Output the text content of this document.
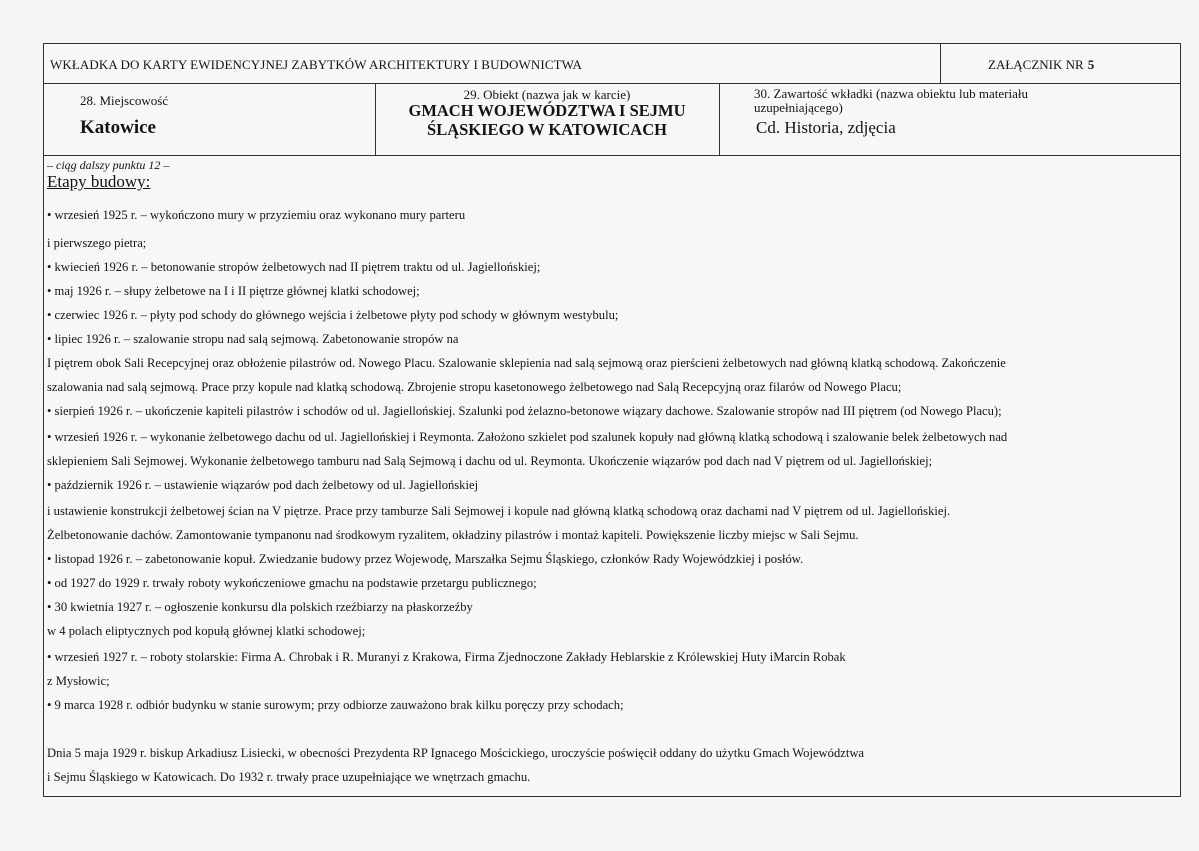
WKŁADKA DO KARTY EWIDENCYJNEJ ZABYTKÓW ARCHITEKTURY I BUDOWNICTWA	ZAŁĄCZNIK NR 5
28. Miejscowość
Katowice
29. Obiekt (nazwa jak w karcie)
GMACH WOJEWÓDZTWA I SEJMU
ŚLĄSKIEGO W KATOWICACH
30. Zawartość wkładki (nazwa obiektu lub materiału uzupełniającego)
Cd. Historia, zdjęcia
– ciąg dalszy punktu 12 –
Etapy budowy:
• wrzesień 1925 r. – wykończono mury w przyziemiu oraz wykonano mury parteru
i pierwszego pietra;
• kwiecień 1926 r. – betonowanie stropów żelbetowych nad II piętrem traktu od ul. Jagiellońskiej;
• maj 1926 r. – słupy żelbetowe na I i II piętrze głównej klatki schodowej;
• czerwiec 1926 r. – płyty pod schody do głównego wejścia i żelbetowe płyty pod schody w głównym westybulu;
• lipiec 1926 r. – szalowanie stropu nad salą sejmową. Zabetonowanie stropów na
I piętrem obok Sali Recepcyjnej oraz obłożenie pilastrów od. Nowego Placu. Szalowanie sklepienia nad salą sejmową oraz pierścieni żelbetowych nad główną klatką schodową. Zakończenie
szalowania nad salą sejmową. Prace przy kopule nad klatką schodową. Zbrojenie stropu kasetonowego żelbetowego nad Salą Recepcyjną oraz filarów od Nowego Placu;
• sierpień 1926 r. – ukończenie kapiteli pilastrów i schodów od ul. Jagiellońskiej. Szalunki pod żelazno-betonowe wiązary dachowe. Szalowanie stropów nad III piętrem (od Nowego Placu);
• wrzesień 1926 r. – wykonanie żelbetowego dachu od ul. Jagiellońskiej i Reymonta. Założono szkielet pod szalunek kopuły nad główną klatką schodową i szalowanie belek żelbetowych nad
sklepieniem Sali Sejmowej. Wykonanie żelbetowego tamburu nad Salą Sejmową i dachu od ul. Reymonta. Ukończenie wiązarów pod dach nad V piętrem od ul. Jagiellońskiej;
• październik 1926 r. – ustawienie wiązarów pod dach żelbetowy od ul. Jagiellońskiej
i ustawienie konstrukcji żelbetowej ścian na V piętrze. Prace przy tamburze Sali Sejmowej i kopule nad główną klatką schodową oraz dachami nad V piętrem od ul. Jagiellońskiej.
Żelbetonowanie dachów. Zamontowanie tympanonu nad środkowym ryzalitem, okładziny pilastrów i montaż kapiteli. Powiększenie liczby miejsc w Sali Sejmu.
• listopad 1926 r. – zabetonowanie kopuł. Zwiedzanie budowy przez Wojewodę, Marszałka Sejmu Śląskiego, członków Rady Wojewódzkiej i posłów.
• od 1927 do 1929 r. trwały roboty wykończeniowe gmachu na podstawie przetargu publicznego;
• 30 kwietnia 1927 r. – ogłoszenie konkursu dla polskich rzeźbiarzy na płaskorzeźby
w 4 polach eliptycznych pod kopułą głównej klatki schodowej;
• wrzesień 1927 r. – roboty stolarskie: Firma A. Chrobak i R. Muranyi z Krakowa, Firma Zjednoczone Zakłady Heblarskie z Królewskiej Huty iMarcin Robak
z Mysłowic;
• 9 marca 1928 r. odbiór budynku w stanie surowym; przy odbiorze zauważono brak kilku poręczy przy schodach;
Dnia 5 maja 1929 r. biskup Arkadiusz Lisiecki, w obecności Prezydenta RP Ignacego Mościckiego, uroczyście poświęcił oddany do użytku Gmach Województwa
i Sejmu Śląskiego w Katowicach. Do 1932 r. trwały prace uzupełniające we wnętrzach gmachu.
